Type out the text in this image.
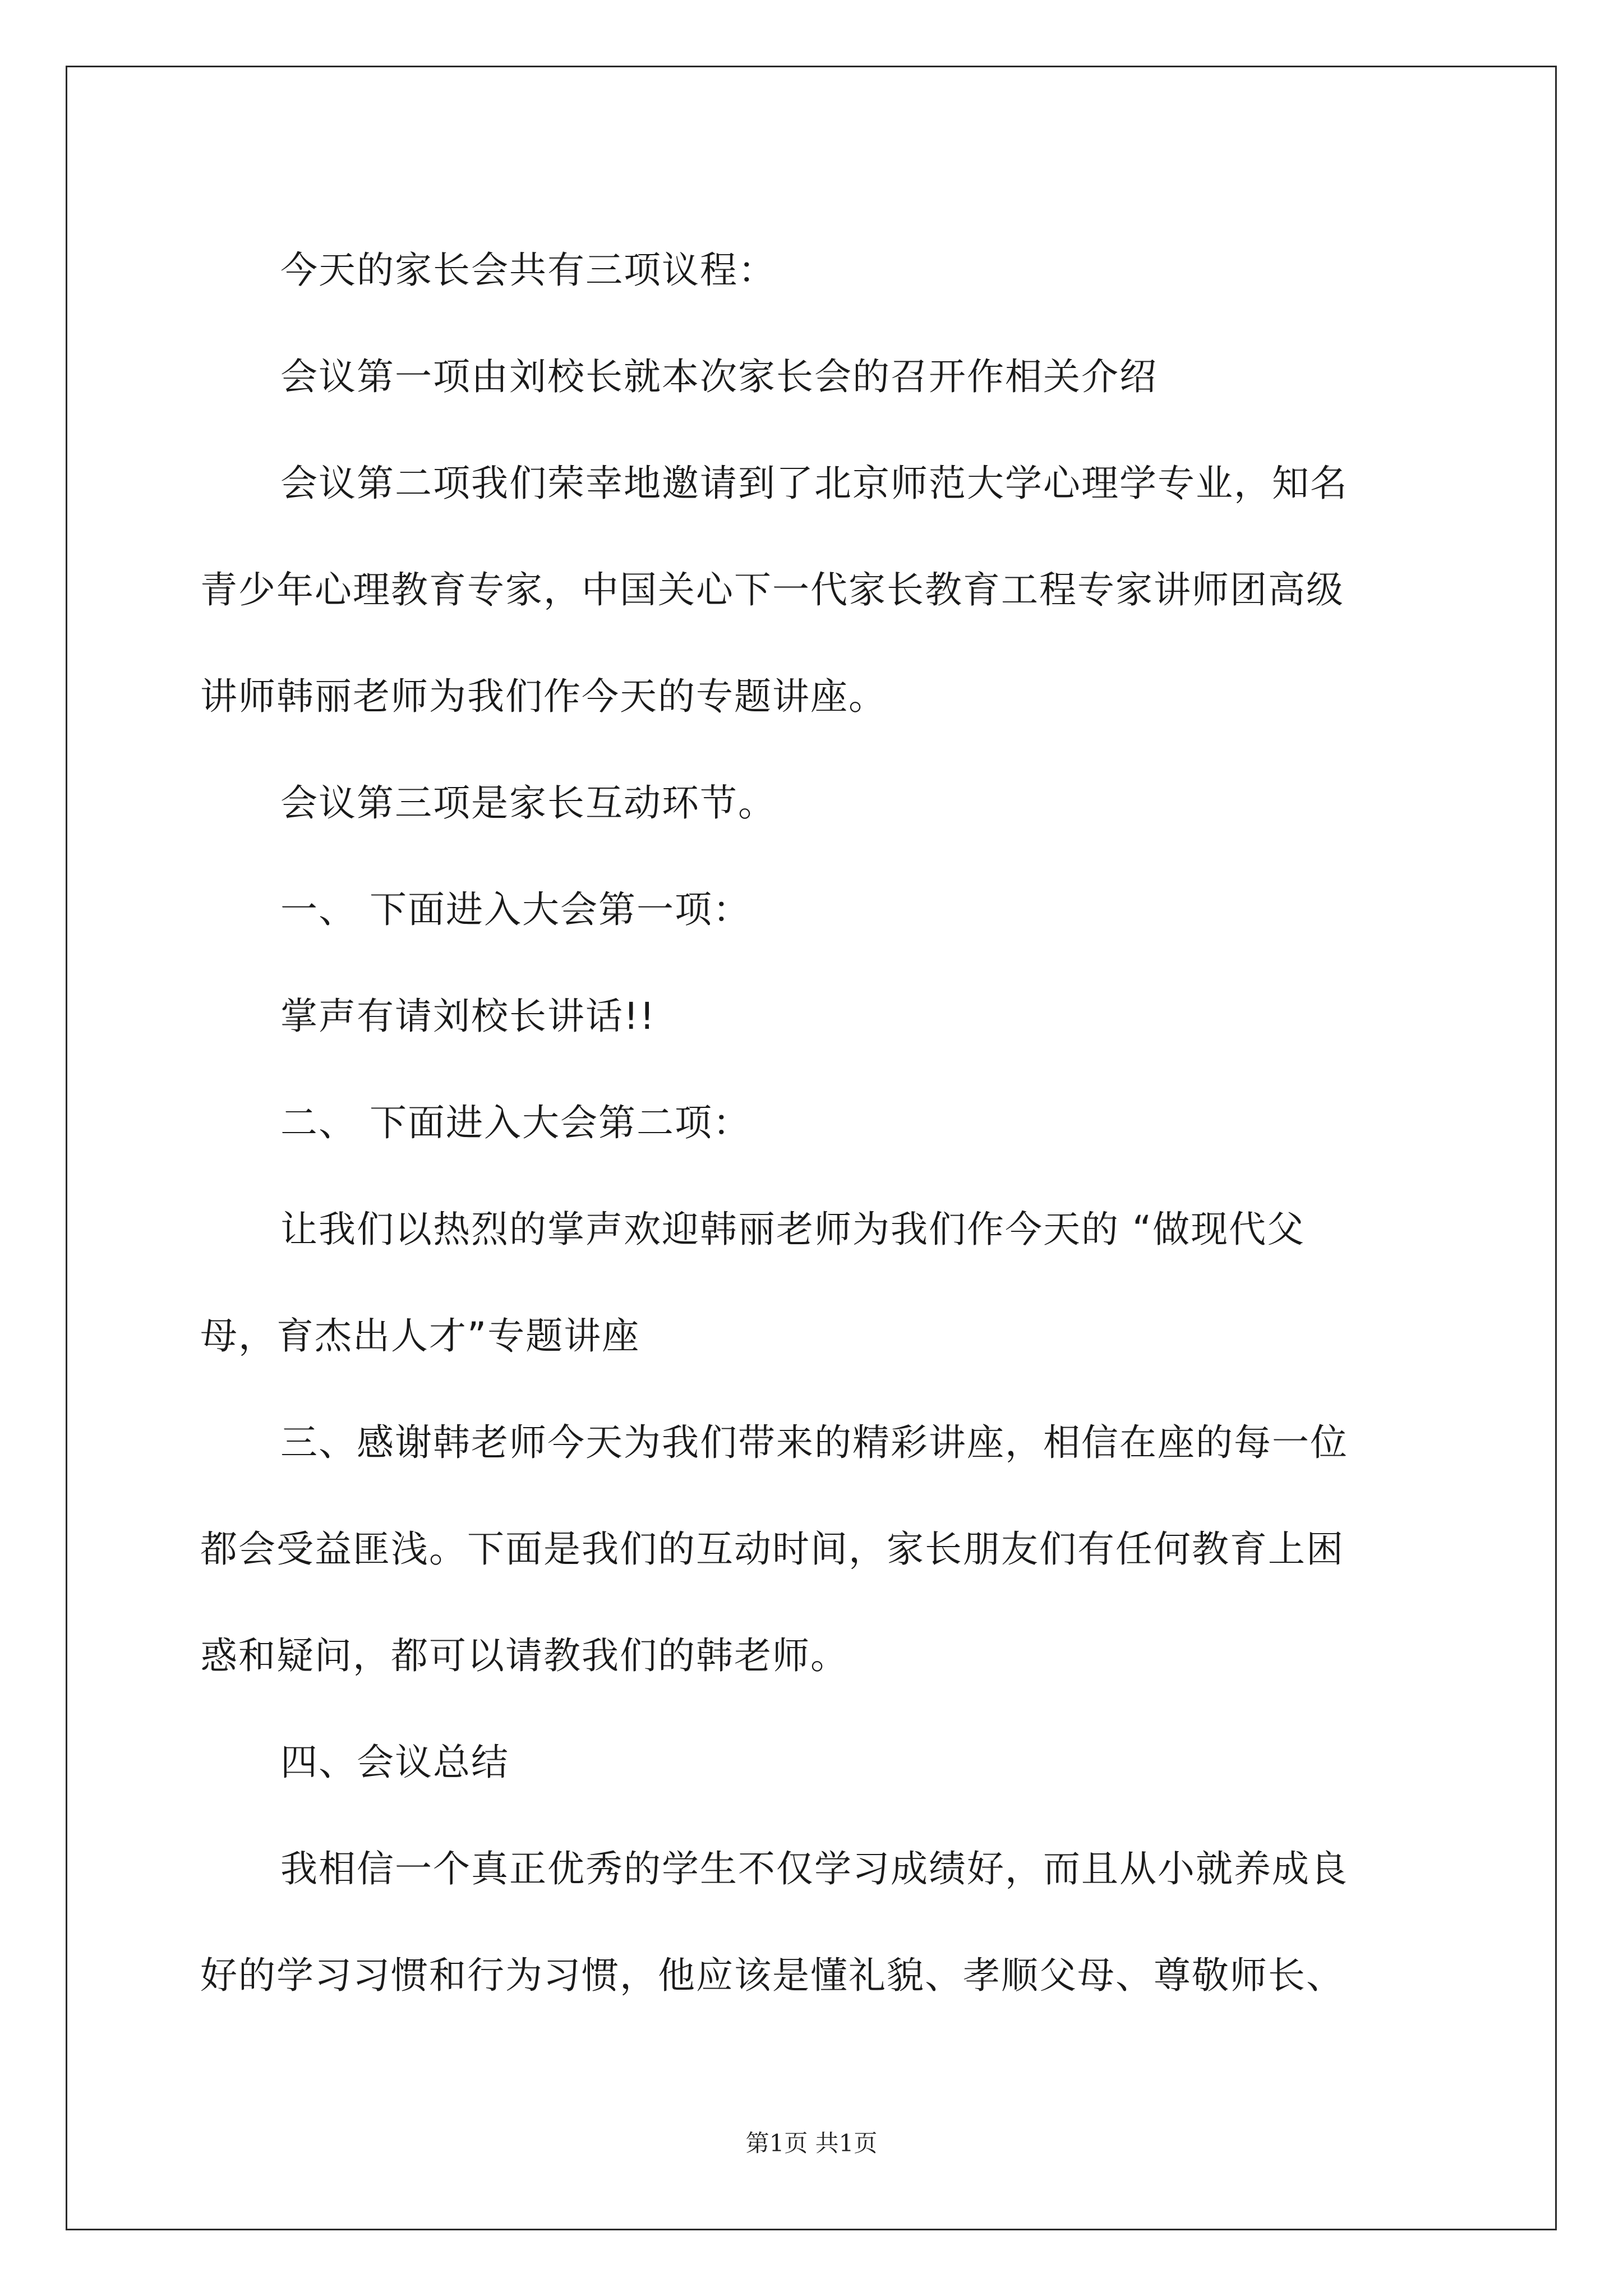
今天的家长会共有三项议程：

会议第一项由刘校长就本次家长会的召开作相关介绍

会议第二项我们荣幸地邀请到了北京师范大学心理学专业，知名

青少年心理教育专家，中国关心下一代家长教育工程专家讲师团高级

讲师韩丽老师为我们作今天的专题讲座。

会议第三项是家长互动环节。

一、 下面进入大会第一项：

掌声有请刘校长讲话!!

二、 下面进入大会第二项：

让我们以热烈的掌声欢迎韩丽老师为我们作今天的 “做现代父

母，育杰出人才”专题讲座

三、感谢韩老师今天为我们带来的精彩讲座，相信在座的每一位

都会受益匪浅。下面是我们的互动时间，家长朋友们有任何教育上困

惑和疑问，都可以请教我们的韩老师。

四、会议总结

我相信一个真正优秀的学生不仅学习成绩好，而且从小就养成良

好的学习习惯和行为习惯，他应该是懂礼貌、孝顺父母、尊敬师长、

第1页 共1页
